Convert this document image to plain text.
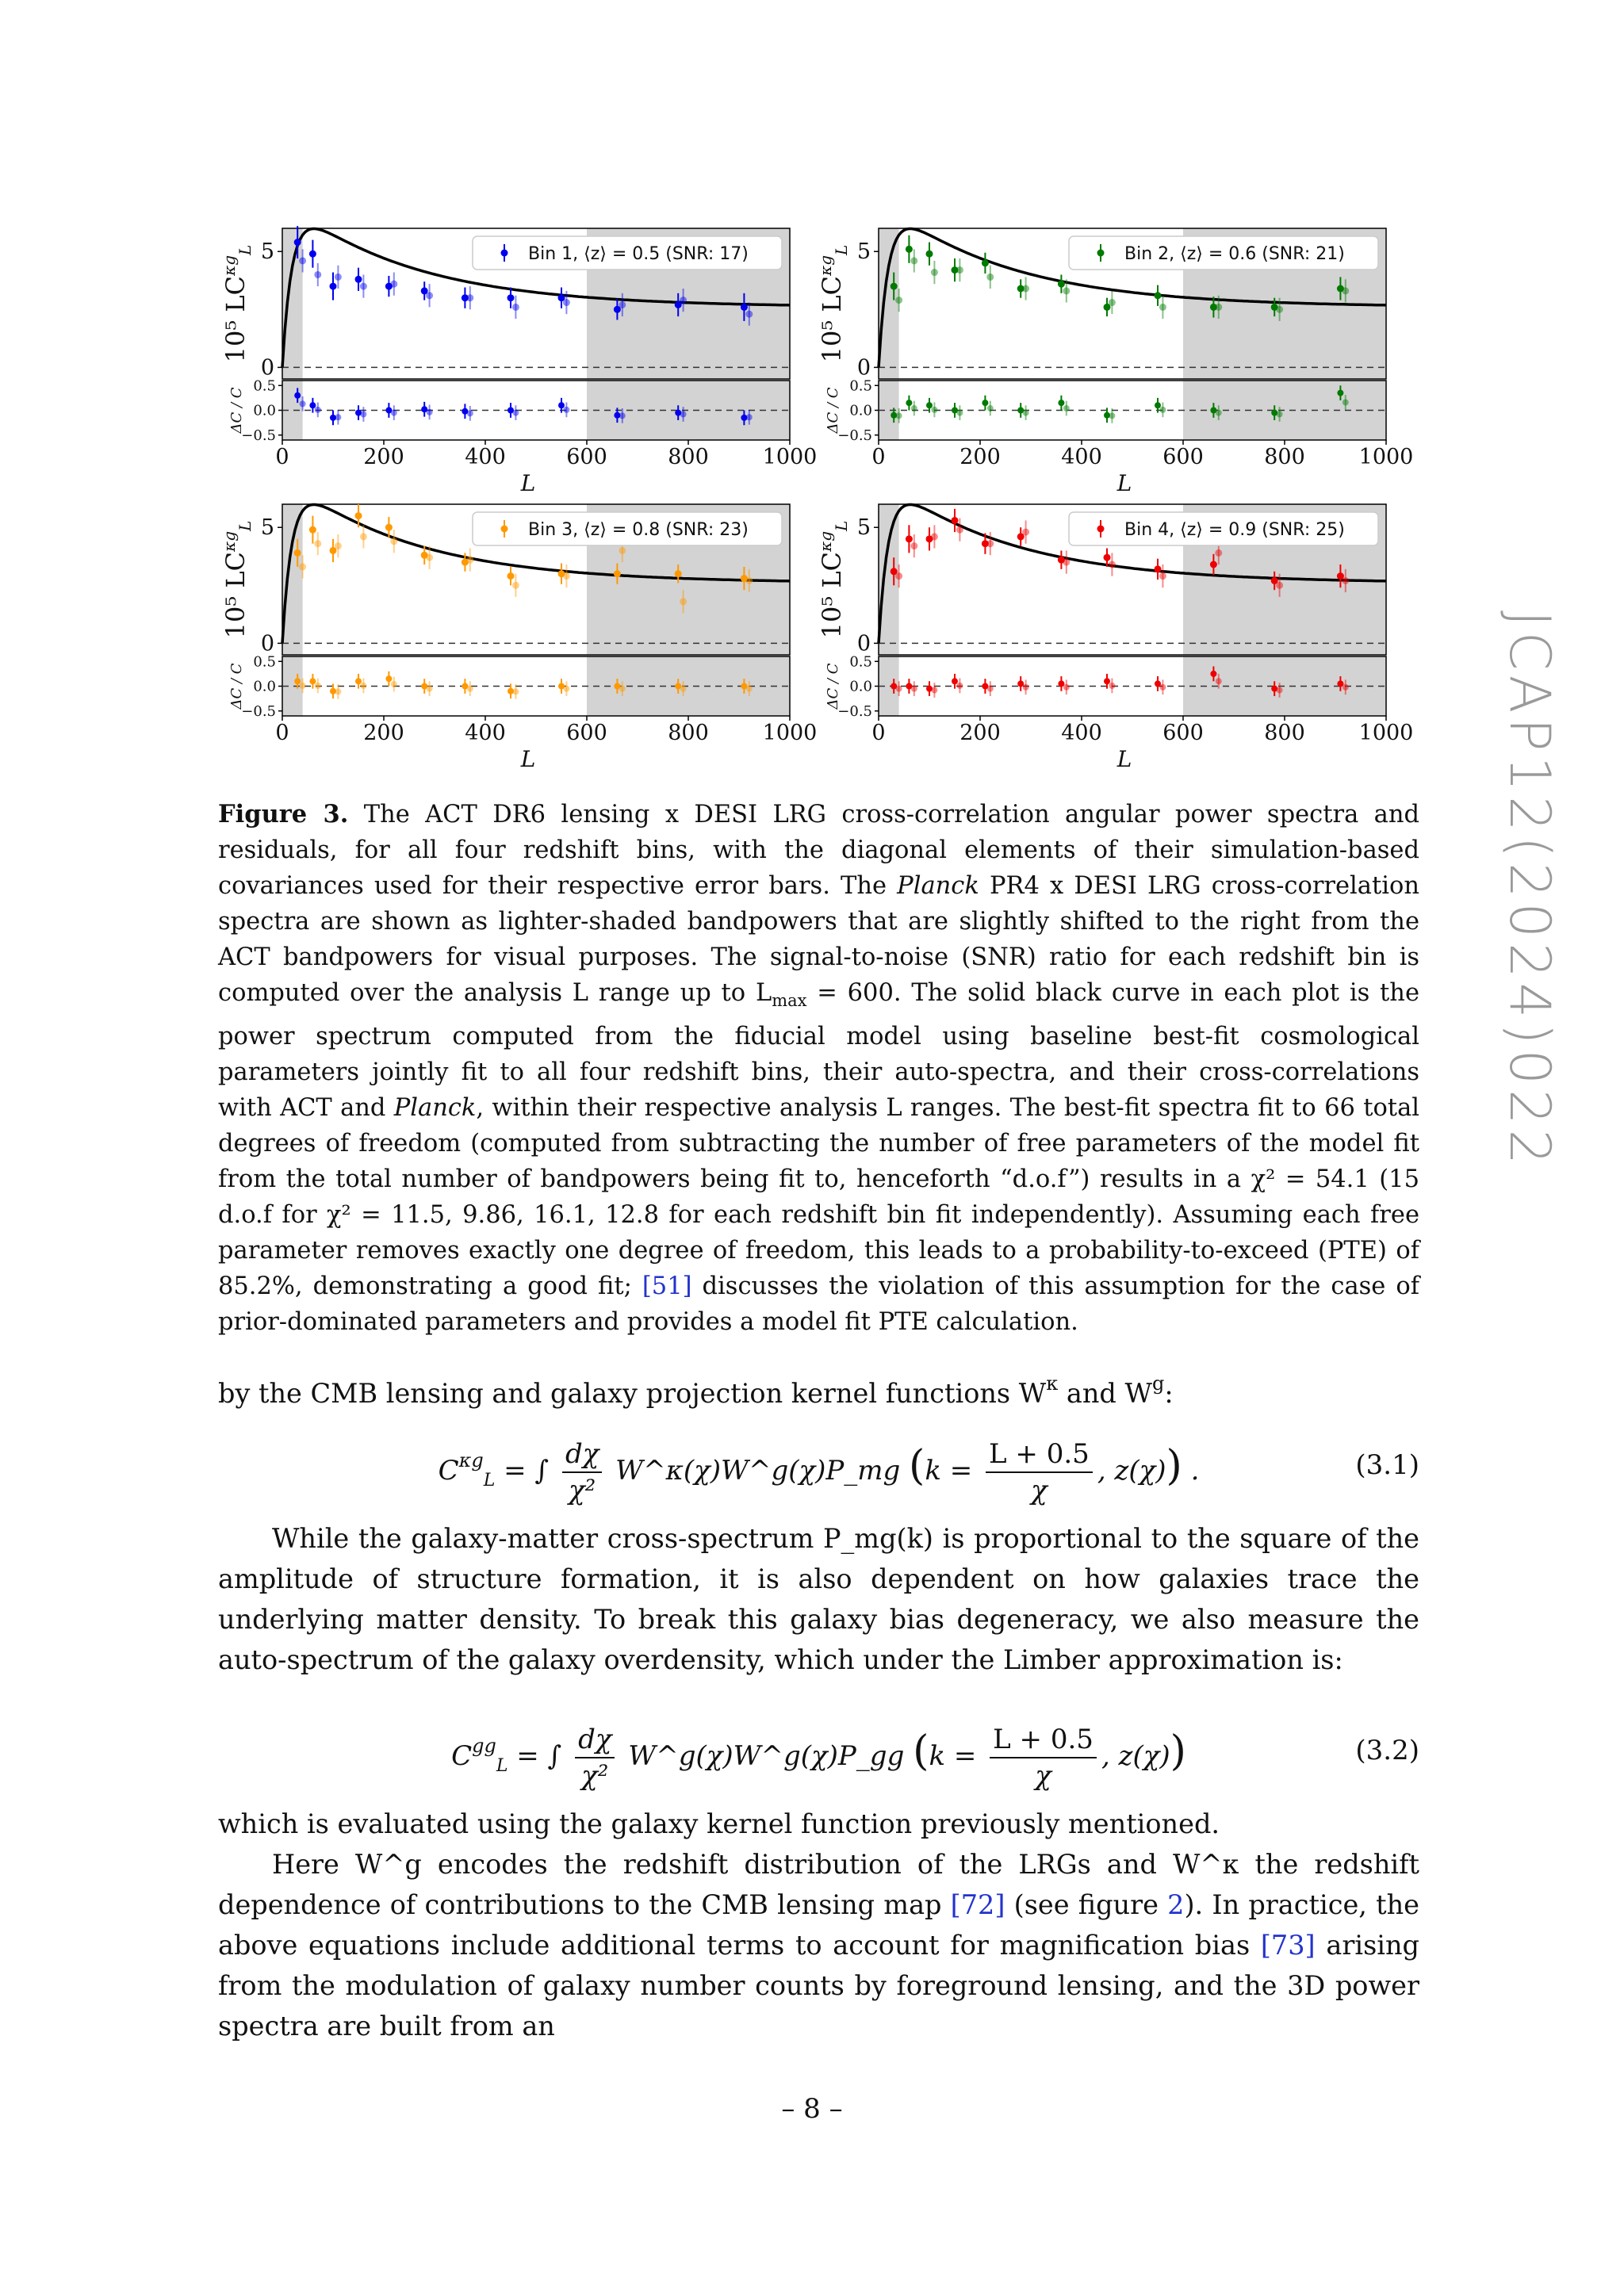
Bin 1, ⟨z⟩ = 0.5 (SNR: 17)
0	200	400	600	800	1000
L
0
5
−0.5
0.0
0.5
10⁵ $LC^{\kappa g}_L$
ΔC / C
Bin 2, ⟨z⟩ = 0.6 (SNR: 21)
0	200	400	600	800	1000
L
0
5
−0.5
0.0
0.5
10⁵ $LC^{\kappa g}_L$
ΔC / C
Bin 3, ⟨z⟩ = 0.8 (SNR: 23)
0	200	400	600	800	1000
L
0
5
−0.5
0.0
0.5
10⁵ $LC^{\kappa g}_L$
ΔC / C
Bin 4, ⟨z⟩ = 0.9 (SNR: 25)
0	200	400	600	800	1000
L
0
5
−0.5
0.0
0.5
10⁵ $LC^{\kappa g}_L$
ΔC / C

Figure 3. The ACT DR6 lensing x DESI LRG cross-correlation angular power spectra and residuals, for all four redshift bins, with the diagonal elements of their simulation-based covariances used for their respective error bars. The Planck PR4 x DESI LRG cross-correlation spectra are shown as lighter-shaded bandpowers that are slightly shifted to the right from the ACT bandpowers for visual purposes. The signal-to-noise (SNR) ratio for each redshift bin is computed over the analysis L range up to $L_{max} = 600$. The solid black curve in each plot is the power spectrum computed from the fiducial model using baseline best-fit cosmological parameters jointly fit to all four redshift bins, their auto-spectra, and their cross-correlations with ACT and Planck, within their respective analysis L ranges. The best-fit spectra fit to 66 total degrees of freedom (computed from subtracting the number of free parameters of the model fit from the total number of bandpowers being fit to, henceforth “d.o.f”) results in a χ² = 54.1 (15 d.o.f for χ² = 11.5, 9.86, 16.1, 12.8 for each redshift bin fit independently). Assuming each free parameter removes exactly one degree of freedom, this leads to a probability-to-exceed (PTE) of 85.2%, demonstrating a good fit; [51] discusses the violation of this assumption for the case of prior-dominated parameters and provides a model fit PTE calculation.

by the CMB lensing and galaxy projection kernel functions $W^\kappa$ and $W^g$:

$C^{\kappa g}_L$ = ∫ $\frac{d\chi}{\text{χ²}}$ W^κ(χ)W^g(χ)P_mg ($k = \frac{L + 0.5}{\chi}$ , z(χ)) .	(3.1)

While the galaxy-matter cross-spectrum P_mg(k) is proportional to the square of the amplitude of structure formation, it is also dependent on how galaxies trace the underlying matter density. To break this galaxy bias degeneracy, we also measure the auto-spectrum of the galaxy overdensity, which under the Limber approximation is:

$C^{gg}_L$ = ∫ $\frac{d\chi}{\text{χ²}}$ W^g(χ)W^g(χ)P_gg ($k = \frac{L + 0.5}{\chi}$ , z(χ))	(3.2)

which is evaluated using the galaxy kernel function previously mentioned.

Here W^g encodes the redshift distribution of the LRGs and W^κ the redshift dependence of contributions to the CMB lensing map [72] (see figure 2). In practice, the above equations include additional terms to account for magnification bias [73] arising from the modulation of galaxy number counts by foreground lensing, and the 3D power spectra are built from an

JCAP12(2024)022
– 8 –
